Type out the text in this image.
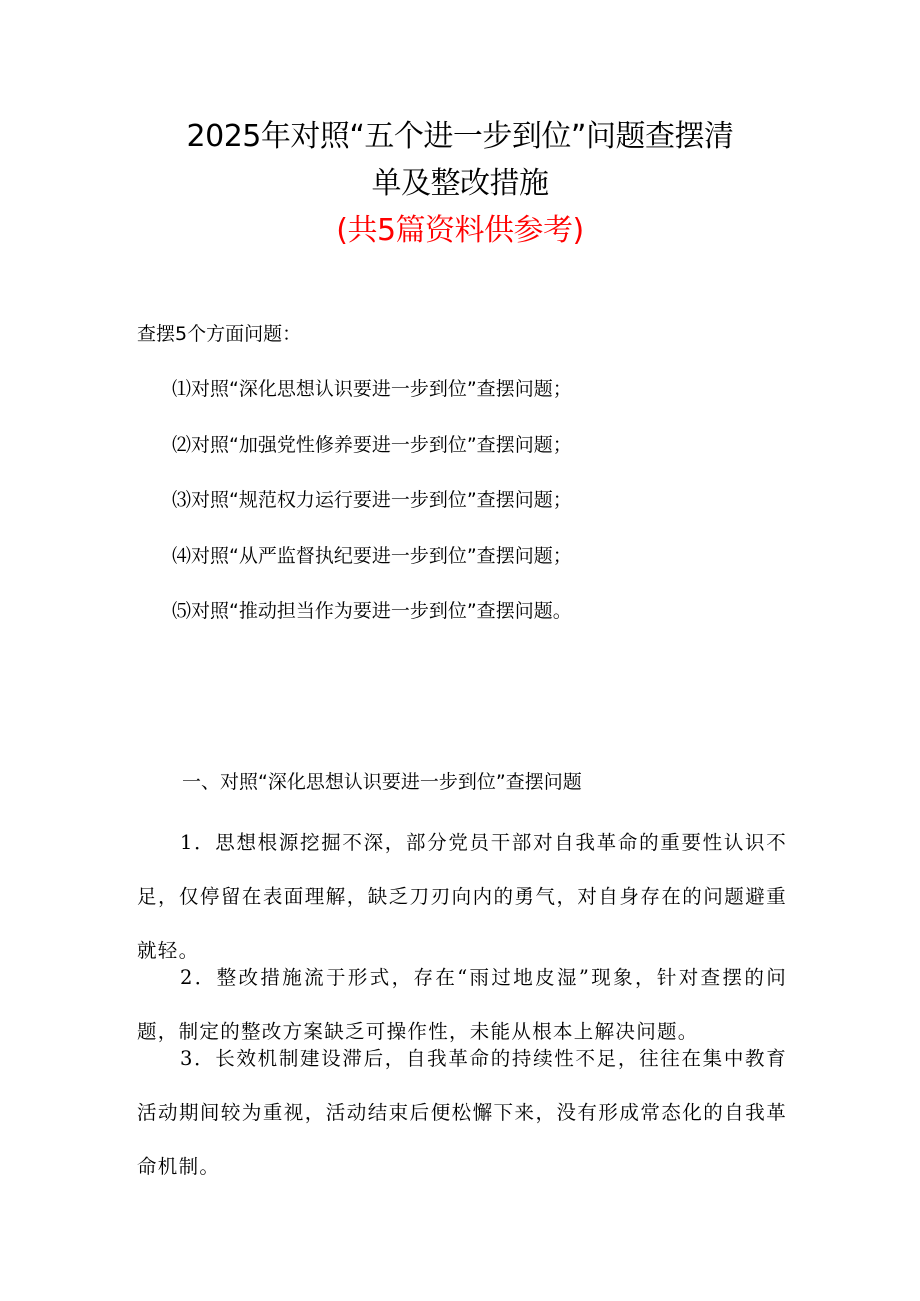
2025年对照“五个进一步到位”问题查摆清
单及整改措施

(共5篇资料供参考)

查摆5个方面问题：

⑴对照“深化思想认识要进一步到位”查摆问题；
⑵对照“加强党性修养要进一步到位”查摆问题；
⑶对照“规范权力运行要进一步到位”查摆问题；
⑷对照“从严监督执纪要进一步到位”查摆问题；
⑸对照“推动担当作为要进一步到位”查摆问题。
一、对照“深化思想认识要进一步到位”查摆问题

1．思想根源挖掘不深，部分党员干部对自我革命的重要性认识不足，仅停留在表面理解，缺乏刀刃向内的勇气，对自身存在的问题避重就轻。

2．整改措施流于形式，存在“雨过地皮湿”现象，针对查摆的问题，制定的整改方案缺乏可操作性，未能从根本上解决问题。

3．长效机制建设滞后，自我革命的持续性不足，往往在集中教育活动期间较为重视，活动结束后便松懈下来，没有形成常态化的自我革命机制。
